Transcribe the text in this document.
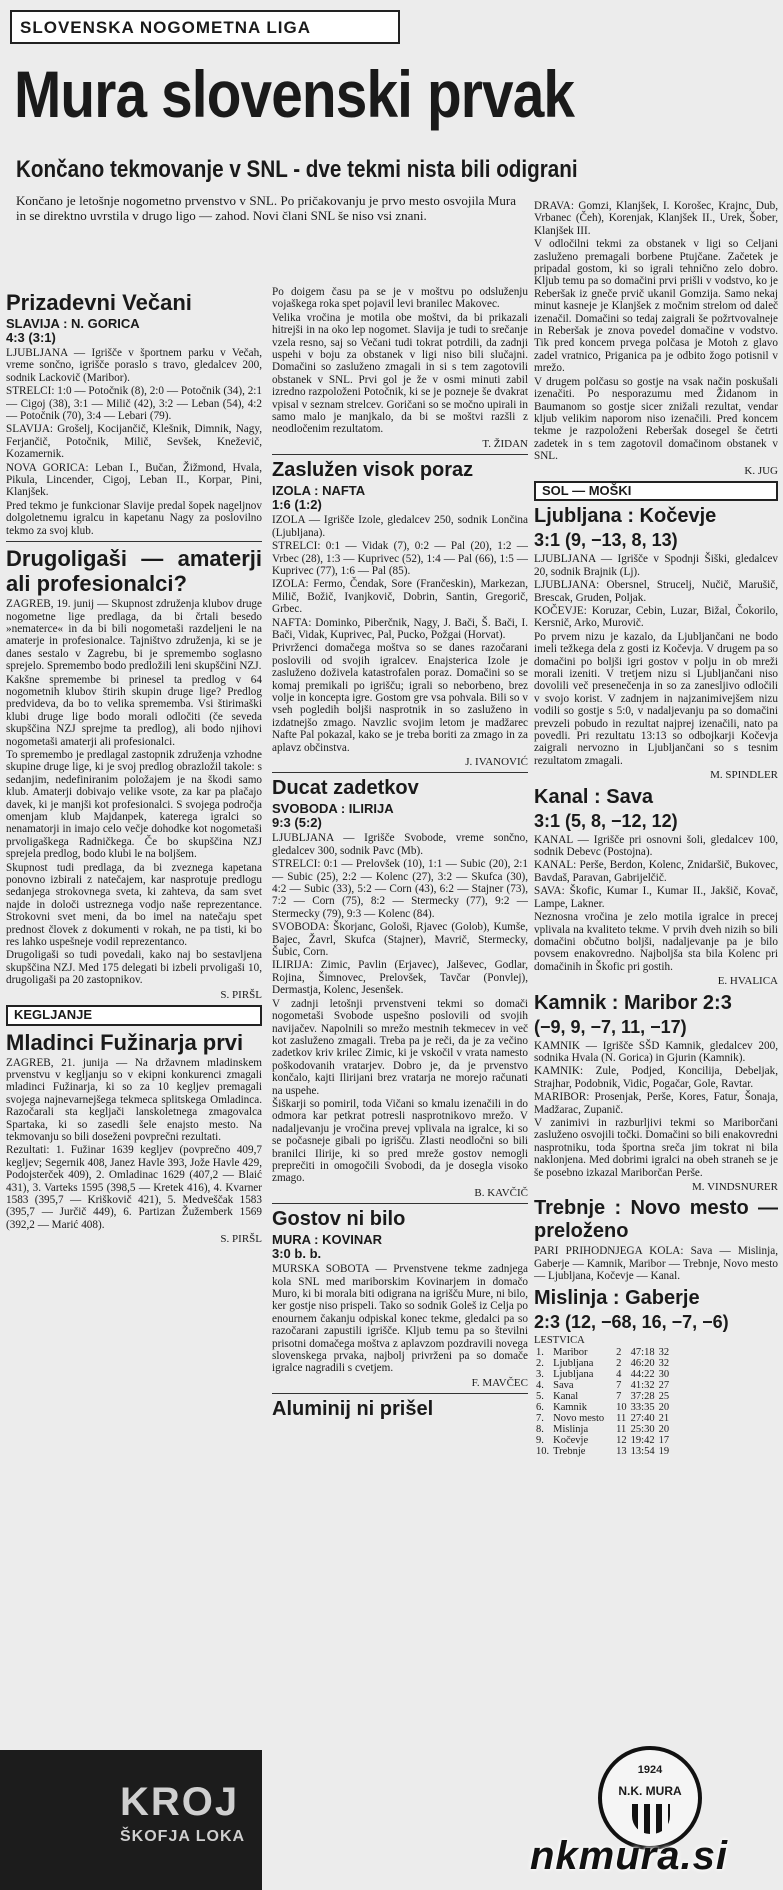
SLOVENSKA NOGOMETNA LIGA
Mura slovenski prvak
Končano tekmovanje v SNL - dve tekmi nista bili odigrani
Končano je letošnje nogometno prvenstvo v SNL. Po pričakovanju je prvo mesto osvojila Mura in se direktno uvrstila v drugo ligo — zahod. Novi člani SNL še niso vsi znani.
Prizadevni Večani
SLAVIJA : N. GORICA
4:3 (3:1)

LJUBLJANA — Igrišče v športnem parku v Večah, vreme sončno, igrišče poraslo s travo, gledalcev 200, sodnik Lackovič (Maribor).

STRELCI: 1:0 — Potočnik (8), 2:0 — Potočnik (34), 2:1 — Cigoj (38), 3:1 — Milič (42), 3:2 — Leban (54), 4:2 — Potočnik (70), 3:4 — Lebari (79).

SLAVIJA: Grošelj, Kocijančič, Klešnik, Dimnik, Nagy, Ferjančič, Potočnik, Milič, Sevšek, Kneževič, Kozamernik.

NOVA GORICA: Leban I., Bučan, Žižmond, Hvala, Pikula, Lincender, Cigoj, Leban II., Korpar, Pini, Klanjšek.

Pred tekmo je funkcionar Slavije predal šopek nageljnov dolgoletnemu igralcu in kapetanu Nagy za poslovilno tekmo za svoj klub.

Drugoligaši — amaterji ali profesionalci?

ZAGREB, 19. junij — Skupnost združenja klubov druge nogometne lige predlaga, da bi črtali besedo »nematerce« in da bi bili nogometaši razdeljeni le na amaterje in profesionalce. Tajništvo združenja, ki se je danes sestalo v Zagrebu, bi je spremembo soglasno sprejelo. Spremembo bodo predložili leni skupščini NZJ.

Kakšne spremembe bi prinesel ta predlog v 64 nogometnih klubov štirih skupin druge lige? Predlog predvideva, da bo to velika sprememba. Vsi štirimaški klubi druge lige bodo morali odločiti (če seveda skupščina NZJ sprejme ta predlog), ali bodo njihovi nogometaši amaterji ali profesionalci.

To spremembo je predlagal zastopnik združenja vzhodne skupine druge lige, ki je svoj predlog obrazložil takole: s sedanjim, nedefiniranim položajem je na škodi samo klub. Amaterji dobivajo velike vsote, za kar pa plačajo davek, ki je manjši kot profesionalci. S svojega področja omenjam klub Majdanpek, katerega igralci so nenamatorji in imajo celo večje dohodke kot nogometaši prvoligaškega Radničkega. Če bo skupščina NZJ sprejela predlog, bodo klubi le na boljšem.

Skupnost tudi predlaga, da bi zveznega kapetana ponovno izbirali z natečajem, kar nasprotuje predlogu sedanjega strokovnega sveta, ki zahteva, da sam svet najde in določi ustreznega vodjo naše reprezentance. Strokovni svet meni, da bo imel na natečaju spet prednost človek z dokumenti v rokah, ne pa tisti, ki bo res lahko uspešneje vodil reprezentanco.

Drugoligaši so tudi povedali, kako naj bo sestavljena skupščina NZJ. Med 175 delegati bi izbeli prvoligaši 10, drugoligaši pa 20 zastopnikov.

S. PIRŠL
KEGLJANJE
Mladinci Fužinarja prvi

ZAGREB, 21. junija — Na državnem mladinskem prvenstvu v kegljanju so v ekipni konkurenci zmagali mladinci Fužinarja, ki so za 10 kegljev premagali svojega najnevarnejšega tekmeca splitskega Omladinca. Razočarali sta kegljači lanskoletnega zmagovalca Spartaka, ki so zasedli šele enajsto mesto. Na tekmovanju so bili doseženi povprečni rezultati.

Rezultati: 1. Fužinar 1639 kegljev (povprečno 409,7 kegljev; Segernik 408, Janez Havle 393, Jože Havle 429, Podojsterček 409), 2. Omladinac 1629 (407,2 — Blaić 431), 3. Varteks 1595 (398,5 — Kretek 416), 4. Kvarner 1583 (395,7 — Kriškovič 421), 5. Medveščak 1583 (395,7 — Jurčič 449), 6. Partizan Žužemberk 1569 (392,2 — Marić 408).

S. PIRŠL
KROJ
ŠKOFJA LOKA

Po doigem času pa se je v moštvu po odsluženju vojaškega roka spet pojavil levi branilec Makovec.

Velika vročina je motila obe moštvi, da bi prikazali hitrejši in na oko lep nogomet. Slavija je tudi to srečanje vzela resno, saj so Večani tudi tokrat potrdili, da zadnji uspehi v boju za obstanek v ligi niso bili slučajni. Domačini so zasluženo zmagali in si s tem zagotovili obstanek v SNL. Prvi gol je že v osmi minuti zabil izredno razpoloženi Potočnik, ki se je pozneje še dvakrat vpisal v seznam strelcev. Goričani so se močno upirali in samo malo je manjkalo, da bi se moštvi razšli z neodločenim rezultatom.

T. ŽIDAN
Zaslužen visok poraz
IZOLA : NAFTA
1:6 (1:2)

IZOLA — Igrišče Izole, gledalcev 250, sodnik Lončina (Ljubljana).

STRELCI: 0:1 — Vidak (7), 0:2 — Pal (20), 1:2 — Vrbec (28), 1:3 — Kuprivec (52), 1:4 — Pal (66), 1:5 — Kuprivec (77), 1:6 — Pal (85).

IZOLA: Fermo, Čendak, Sore (Frančeskin), Markezan, Milič, Božič, Ivanjkovič, Dobrin, Santin, Gregorič, Grbec.

NAFTA: Dominko, Piberčnik, Nagy, J. Bači, Š. Bači, I. Bači, Vidak, Kuprivec, Pal, Pucko, Požgai (Horvat).

Privrženci domačega moštva so se danes razočarani poslovili od svojih igralcev. Enajsterica Izole je zasluženo doživela katastrofalen poraz. Domačini so se komaj premikali po igrišču; igrali so neborbeno, brez volje in koncepta igre. Gostom gre vsa pohvala. Bili so v vseh pogledih boljši nasprotnik in so zasluženo in izdatnejšo zmago. Navzlic svojim letom je madžarec Nafte Pal pokazal, kako se je treba boriti za zmago in za aplavz občinstva.

J. IVANOVIĆ
Ducat zadetkov
SVOBODA : ILIRIJA
9:3 (5:2)

LJUBLJANA — Igrišče Svobode, vreme sončno, gledalcev 300, sodnik Pavc (Mb).

STRELCI: 0:1 — Prelovšek (10), 1:1 — Subic (20), 2:1 — Subic (25), 2:2 — Kolenc (27), 3:2 — Skufca (30), 4:2 — Subic (33), 5:2 — Corn (43), 6:2 — Stajner (73), 7:2 — Corn (75), 8:2 — Stermecky (77), 9:2 — Stermecky (79), 9:3 — Kolenc (84).

SVOBODA: Škorjanc, Gološi, Rjavec (Golob), Kumše, Bajec, Žavrl, Skufca (Stajner), Mavrič, Stermecky, Šubic, Corn.

ILIRIJA: Zimic, Pavlin (Erjavec), Jalševec, Godlar, Rojina, Šimnovec, Prelovšek, Tavčar (Ponvlej), Dermastja, Kolenc, Jesenšek.

V zadnji letošnji prvenstveni tekmi so domači nogometaši Svobode uspešno poslovili od svojih navijačev. Napolnili so mrežo mestnih tekmecev in več kot zasluženo zmagali. Treba pa je reči, da je za večino zadetkov kriv krilec Zimic, ki je vskočil v vrata namesto poškodovanih vratarjev. Dobro je, da je prvenstvo končalo, kajti Ilirijani brez vratarja ne morejo računati na uspehe.

Šiškarji so pomiril, toda Vičani so kmalu izenačili in do odmora kar petkrat potresli nasprotnikovo mrežo. V nadaljevanju je vročina prevej vplivala na igralce, ki so se počasneje gibali po igrišču. Zlasti neodločni so bili branilci Ilirije, ki so pred mreže gostov nemogli preprečiti in omogočili Svobodi, da je dosegla visoko zmago.

B. KAVČIČ
Gostov ni bilo
MURA : KOVINAR
3:0 b. b.

MURSKA SOBOTA — Prvenstvene tekme zadnjega kola SNL med mariborskim Kovinarjem in domačo Muro, ki bi morala biti odigrana na igrišču Mure, ni bilo, ker gostje niso prispeli. Tako so sodnik Goleš iz Celja po enournem čakanju odpiskal konec tekme, gledalci pa so razočarani zapustili igrišče. Kljub temu pa so številni prisotni domačega moštva z aplavzom pozdravili novega slovenskega prvaka, najbolj privrženi pa so domače igralce nagradili s cvetjem.

F. MAVČEC
Aluminij ni prišel

DRAVA: Gomzi, Klanjšek, I. Korošec, Krajnc, Dub, Vrbanec (Čeh), Korenjak, Klanjšek II., Urek, Šober, Klanjšek III.

V odločilni tekmi za obstanek v ligi so Celjani zasluženo premagali borbene Ptujčane. Začetek je pripadal gostom, ki so igrali tehnično zelo dobro. Kljub temu pa so domačini prvi prišli v vodstvo, ko je Reberšak iz gneče prvič ukanil Gomzija. Samo nekaj minut kasneje je Klanjšek z močnim strelom od daleč izenačil. Domačini so tedaj zaigrali še požrtvovalneje in Reberšak je znova povedel domačine v vodstvo. Tik pred koncem prvega polčasa je Motoh z glavo zadel vratnico, Priganica pa je odbito žogo potisnil v mrežo.

V drugem polčasu so gostje na vsak način poskušali izenačiti. Po nesporazumu med Židanom in Baumanom so gostje sicer znižali rezultat, vendar kljub velikim naporom niso izenačili. Pred koncem tekme je razpoloženi Reberšak dosegel še četrti zadetek in s tem zagotovil domačinom obstanek v SNL.

K. JUG
SOL — MOŠKI
Ljubljana : Kočevje
3:1 (9, −13, 8, 13)

LJUBLJANA — Igrišče v Spodnji Šiški, gledalcev 20, sodnik Brajnik (Lj).

LJUBLJANA: Obersnel, Strucelj, Nučič, Marušič, Brescak, Gruden, Poljak.

KOČEVJE: Koruzar, Cebin, Luzar, Bižal, Čokorilo, Kersnič, Arko, Murovič.

Po prvem nizu je kazalo, da Ljubljančani ne bodo imeli težkega dela z gosti iz Kočevja. V drugem pa so domačini po boljši igri gostov v polju in ob mreži morali izeniti. V tretjem nizu si Ljubljančani niso dovolili več presenečenja in so za zanesljivo odločili v svojo korist. V zadnjem in najzanimivejšem nizu vodili so gostje s 5:0, v nadaljevanju pa so domačini prevzeli pobudo in rezultat najprej izenačili, nato pa povedli. Pri rezultatu 13:13 so odbojkarji Kočevja zaigrali nervozno in Ljubljančani so s tesnim rezultatom zmagali.

M. SPINDLER
Kanal : Sava
3:1 (5, 8, −12, 12)

KANAL — Igrišče pri osnovni šoli, gledalcev 100, sodnik Debevc (Postojna).

KANAL: Perše, Berdon, Kolenc, Znidaršič, Bukovec, Bavdaš, Paravan, Gabrijelčič.

SAVA: Škofic, Kumar I., Kumar II., Jakšič, Kovač, Lampe, Lakner.

Neznosna vročina je zelo motila igralce in precej vplivala na kvaliteto tekme. V prvih dveh nizih so bili domačini občutno boljši, nadaljevanje pa je bilo povsem enakovredno. Najboljša sta bila Kolenc pri domačinih in Škofic pri gostih.

E. HVALICA
Kamnik : Maribor 2:3
(−9, 9, −7, 11, −17)

KAMNIK — Igrišče SŠD Kamnik, gledalcev 200, sodnika Hvala (N. Gorica) in Gjurin (Kamnik).

KAMNIK: Zule, Podjed, Koncilija, Debeljak, Strajhar, Podobnik, Vidic, Pogačar, Gole, Ravtar.

MARIBOR: Prosenjak, Perše, Kores, Fatur, Šonaja, Madžarac, Zupanič.

V zanimivi in razburljivi tekmi so Mariborčani zasluženo osvojili točki. Domačini so bili enakovredni nasprotniku, toda športna sreča jim tokrat ni bila naklonjena. Med dobrimi igralci na obeh straneh se je še posebno izkazal Mariborčan Perše.

M. VINDSNURER
Trebnje : Novo mesto — preloženo

PARI PRIHODNJEGA KOLA: Sava — Mislinja, Gaberje — Kamnik, Maribor — Trebnje, Novo mesto — Ljubljana, Kočevje — Kanal.

Mislinja : Gaberje
2:3 (12, −68, 16, −7, −6)
LESTVICA
1.	Maribor			2	47:18	32
2.	Ljubljana			2	46:20	32
3.	Ljubljana			4	44:22	30
4.	Sava			7	41:32	27
5.	Kanal			7	37:28	25
6.	Kamnik			10	33:35	20
7.	Novo mesto			11	27:40	21
8.	Mislinja			11	25:30	20
9.	Kočevje			12	19:42	17
10.	Trebnje			13	13:54	19
1924
N.K. MURA
nkmura.si
